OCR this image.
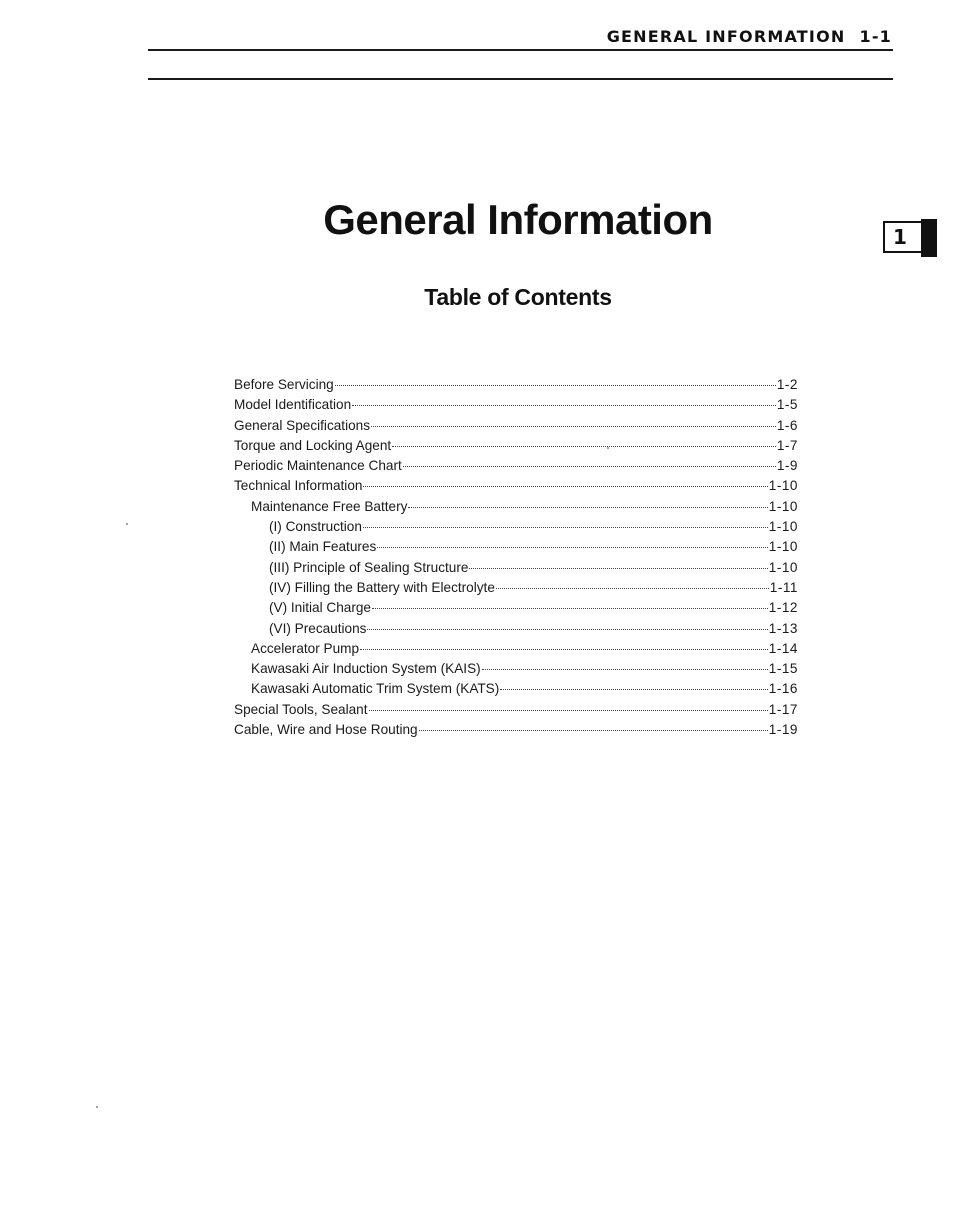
GENERAL INFORMATION 1-1
General Information	1
Table of Contents
Before Servicing	1-2
Model Identification	1-5
General Specifications	1-6
Torque and Locking Agent	1-7
Periodic Maintenance Chart	1-9
Technical Information	1-10
Maintenance Free Battery	1-10
(I) Construction	1-10
(II) Main Features	1-10
(III) Principle of Sealing Structure	1-10
(IV) Filling the Battery with Electrolyte	1-11
(V) Initial Charge	1-12
(VI) Precautions	1-13
Accelerator Pump	1-14
Kawasaki Air Induction System (KAIS)	1-15
Kawasaki Automatic Trim System (KATS)	1-16
Special Tools, Sealant	1-17
Cable, Wire and Hose Routing	1-19
